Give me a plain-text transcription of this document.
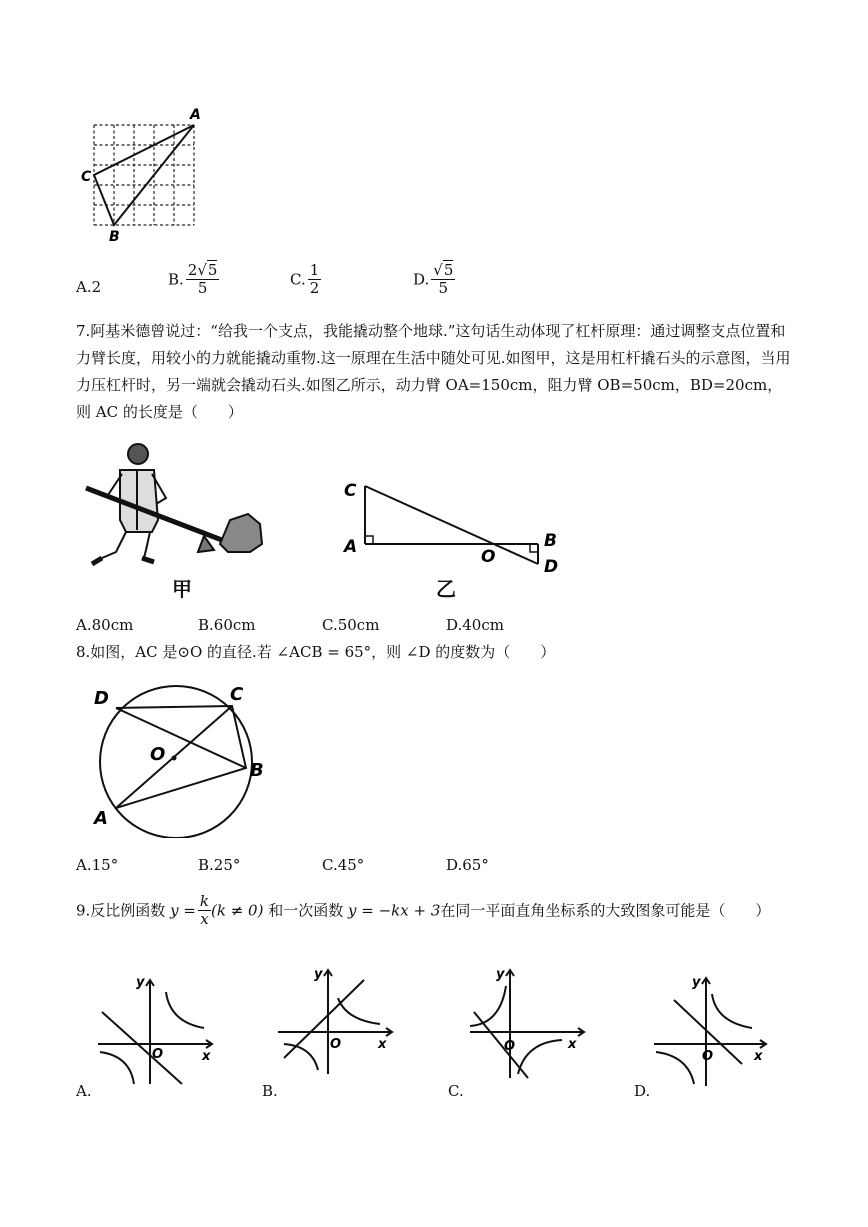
A
C
B
A.2	B. $\frac{2√5}{5}$	C. $\frac{1}{2}$	D. $\frac{√5}{5}$
7.阿基米德曾说过：“给我一个支点，我能撬动整个地球.”这句话生动体现了杠杆原理：通过调整支点位置和力臂长度，用较小的力就能撬动重物.这一原理在生活中随处可见.如图甲，这是用杠杆撬石头的示意图，当用力压杠杆时，另一端就会撬动石头.如图乙所示，动力臂 OA=150cm，阻力臂 OB=50cm，BD=20cm，则 AC 的长度是（　　）
甲
C
A	O
B
D
乙
A.80cm	B.60cm	C.50cm	D.40cm
8.如图，AC 是⊙O 的直径.若 ∠ACB = 65°，则 ∠D 的度数为（　　）
D	C
O
B
A
A.15°	B.25°	C.45°	D.65°
9.反比例函数 $y = \frac{k}{x} (k \ne 0)$ 和一次函数 y = −kx + 3在同一平面直角坐标系的大致图象可能是（　　）
y
x
O
A.
y
x
O
B.
y
x
O
C.
y
x
O
D.
